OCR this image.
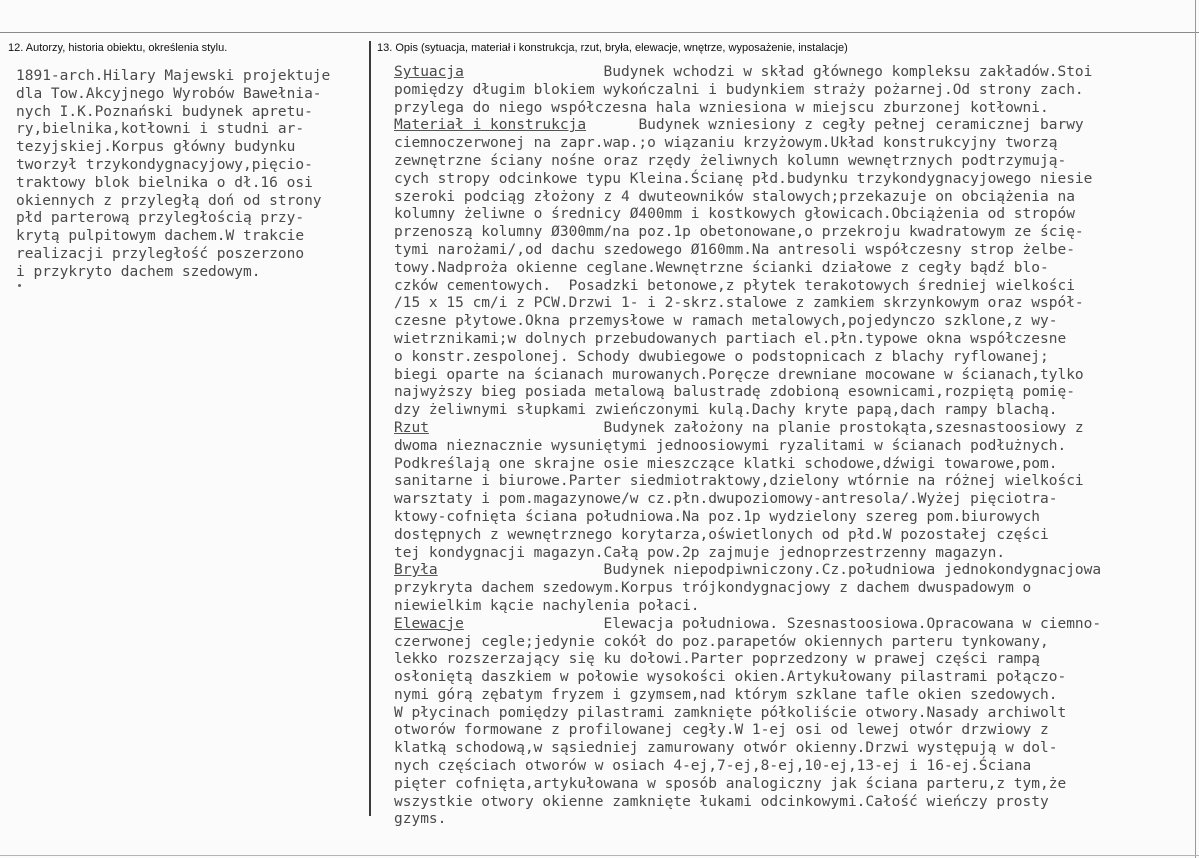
12. Autorzy, historia obiektu, określenia stylu.	13. Opis (sytuacja, materiał i konstrukcja, rzut, bryła, elewacje, wnętrze, wyposażenie, instalacje)
1891-arch.Hilary Majewski projektuje
dla Tow.Akcyjnego Wyrobów Bawełnia-
nych I.K.Poznański budynek apretu-
ry,bielnika,kotłowni i studni ar-
tezyjskiej.Korpus główny budynku
tworzył trzykondygnacyjowy,pięcio-
traktowy blok bielnika o dł.16 osi
okiennych z przyległą doń od strony
płd parterową przyległością przy-
krytą pulpitowym dachem.W trakcie
realizacji przyległość poszerzono
i przykryto dachem szedowym.
Sytuacja                Budynek wchodzi w skład głównego kompleksu zakładów.Stoi
pomiędzy długim blokiem wykończalni i budynkiem straży pożarnej.Od strony zach.
przylega do niego współczesna hala wzniesiona w miejscu zburzonej kotłowni.
Materiał i konstrukcja      Budynek wzniesiony z cegły pełnej ceramicznej barwy
ciemnoczerwonej na zapr.wap.;o wiązaniu krzyżowym.Układ konstrukcyjny tworzą
zewnętrzne ściany nośne oraz rzędy żeliwnych kolumn wewnętrznych podtrzymują-
cych stropy odcinkowe typu Kleina.Ścianę płd.budynku trzykondygnacyjowego niesie
szeroki podciąg złożony z 4 dwuteowników stalowych;przekazuje on obciążenia na
kolumny żeliwne o średnicy Ø400mm i kostkowych głowicach.Obciążenia od stropów
przenoszą kolumny Ø300mm/na poz.1p obetonowane,o przekroju kwadratowym ze ścię-
tymi narożami/,od dachu szedowego Ø160mm.Na antresoli współczesny strop żelbe-
towy.Nadproża okienne ceglane.Wewnętrzne ścianki działowe z cegły bądź blo-
czków cementowych.  Posadzki betonowe,z płytek terakotowych średniej wielkości
/15 x 15 cm/i z PCW.Drzwi 1- i 2-skrz.stalowe z zamkiem skrzynkowym oraz współ-
czesne płytowe.Okna przemysłowe w ramach metalowych,pojedynczo szklone,z wy-
wietrznikami;w dolnych przebudowanych partiach el.płn.typowe okna współczesne
o konstr.zespolonej. Schody dwubiegowe o podstopnicach z blachy ryflowanej;
biegi oparte na ścianach murowanych.Poręcze drewniane mocowane w ścianach,tylko
najwyższy bieg posiada metalową balustradę zdobioną esownicami,rozpiętą pomię-
dzy żeliwnymi słupkami zwieńczonymi kulą.Dachy kryte papą,dach rampy blachą.
Rzut                    Budynek założony na planie prostokąta,szesnastoosiowy z
dwoma nieznacznie wysuniętymi jednoosiowymi ryzalitami w ścianach podłużnych.
Podkreślają one skrajne osie mieszczące klatki schodowe,dźwigi towarowe,pom.
sanitarne i biurowe.Parter siedmiotraktowy,dzielony wtórnie na różnej wielkości
warsztaty i pom.magazynowe/w cz.płn.dwupoziomowy-antresola/.Wyżej pięciotra-
ktowy-cofnięta ściana południowa.Na poz.1p wydzielony szereg pom.biurowych
dostępnych z wewnętrznego korytarza,oświetlonych od płd.W pozostałej części
tej kondygnacji magazyn.Całą pow.2p zajmuje jednoprzestrzenny magazyn.
Bryła                   Budynek niepodpiwniczony.Cz.południowa jednokondygnacjowa
przykryta dachem szedowym.Korpus trójkondygnacjowy z dachem dwuspadowym o
niewielkim kącie nachylenia połaci.
Elewacje                Elewacja południowa. Szesnastoosiowa.Opracowana w ciemno-
czerwonej cegle;jedynie cokół do poz.parapetów okiennych parteru tynkowany,
lekko rozszerzający się ku dołowi.Parter poprzedzony w prawej części rampą
osłoniętą daszkiem w połowie wysokości okien.Artykułowany pilastrami połączo-
nymi górą zębatym fryzem i gzymsem,nad którym szklane tafle okien szedowych.
W płycinach pomiędzy pilastrami zamknięte półkoliście otwory.Nasady archiwolt
otworów formowane z profilowanej cegły.W 1-ej osi od lewej otwór drzwiowy z
klatką schodową,w sąsiedniej zamurowany otwór okienny.Drzwi występują w dol-
nych częściach otworów w osiach 4-ej,7-ej,8-ej,10-ej,13-ej i 16-ej.Ściana
pięter cofnięta,artykułowana w sposób analogiczny jak ściana parteru,z tym,że
wszystkie otwory okienne zamknięte łukami odcinkowymi.Całość wieńczy prosty
gzyms.
